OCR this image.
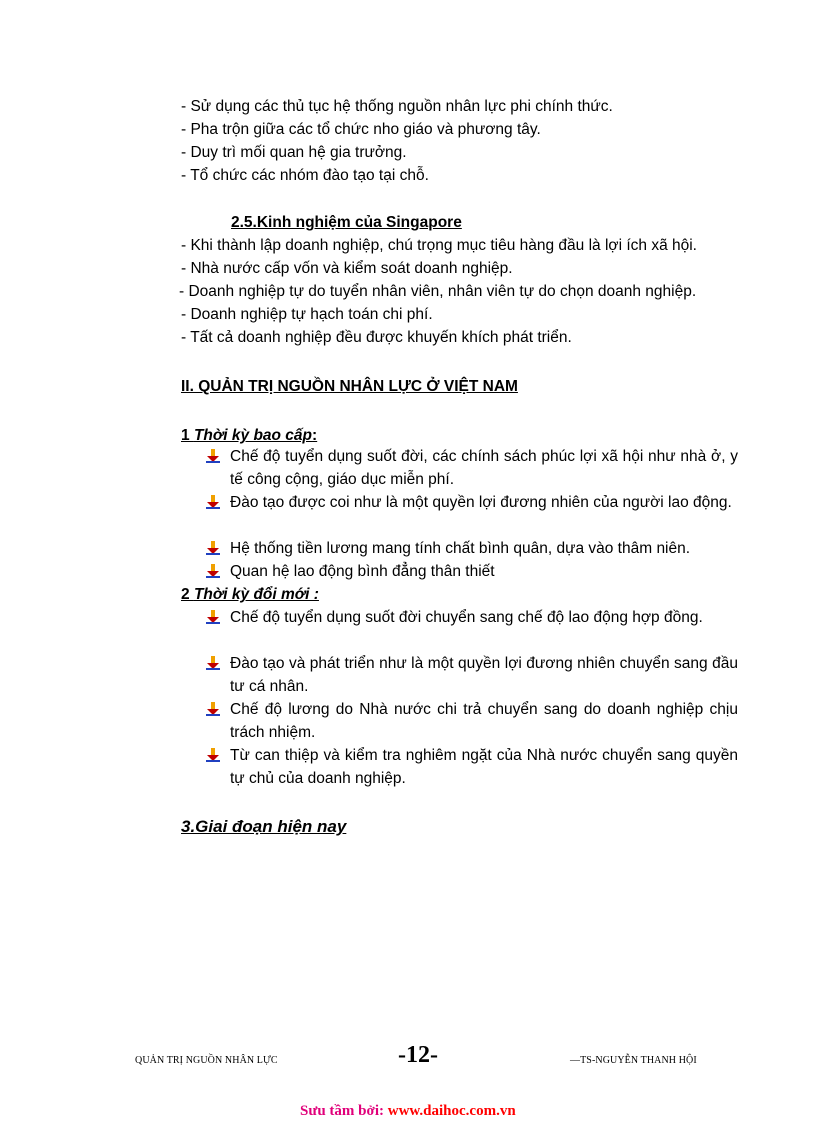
- Sử dụng các thủ tục hệ thống nguồn nhân lực phi chính thức.
- Pha trộn giữa các tổ chức nho giáo và phương tây.
- Duy trì mối quan hệ gia trưởng.
- Tổ chức các nhóm đào tạo tại chỗ.
2.5.Kinh nghiệm của Singapore
- Khi thành lập doanh nghiệp, chú trọng mục tiêu hàng đầu là lợi ích xã hội.
- Nhà nước cấp vốn và kiểm soát doanh nghiệp.
- Doanh nghiệp tự do tuyển nhân viên, nhân viên tự do chọn doanh nghiệp.
- Doanh nghiệp tự hạch toán chi phí.
- Tất cả doanh nghiệp đều được khuyến khích phát triển.
II. QUẢN TRỊ NGUỒN NHÂN LỰC Ở VIỆT NAM
1 Thời kỳ bao cấp:
Chế độ tuyển dụng suốt đời, các chính sách phúc lợi xã hội như nhà ở, y tế công cộng, giáo dục miễn phí.
Đào tạo được coi như là một quyền lợi đương nhiên của người lao động.
Hệ thống tiền lương mang tính chất bình quân, dựa vào thâm niên.
Quan hệ lao động bình đẳng thân thiết
2 Thời kỳ đổi mới :
Chế độ tuyển dụng suốt đời chuyển sang chế độ lao động hợp đồng.
Đào tạo và phát triển như là một quyền lợi đương nhiên chuyển sang đầu tư cá nhân.
Chế độ lương do Nhà nước chi trả chuyển sang do doanh nghiệp chịu trách nhiệm.
Từ can thiệp và kiểm tra nghiêm ngặt của Nhà nước chuyển sang quyền tự chủ của doanh nghiệp.
3.Giai đoạn hiện nay
QUẢN TRỊ NGUỒN NHÂN LỰC	-12-	—TS-NGUYỄN THANH HỘI
Sưu tầm bởi: www.daihoc.com.vn
